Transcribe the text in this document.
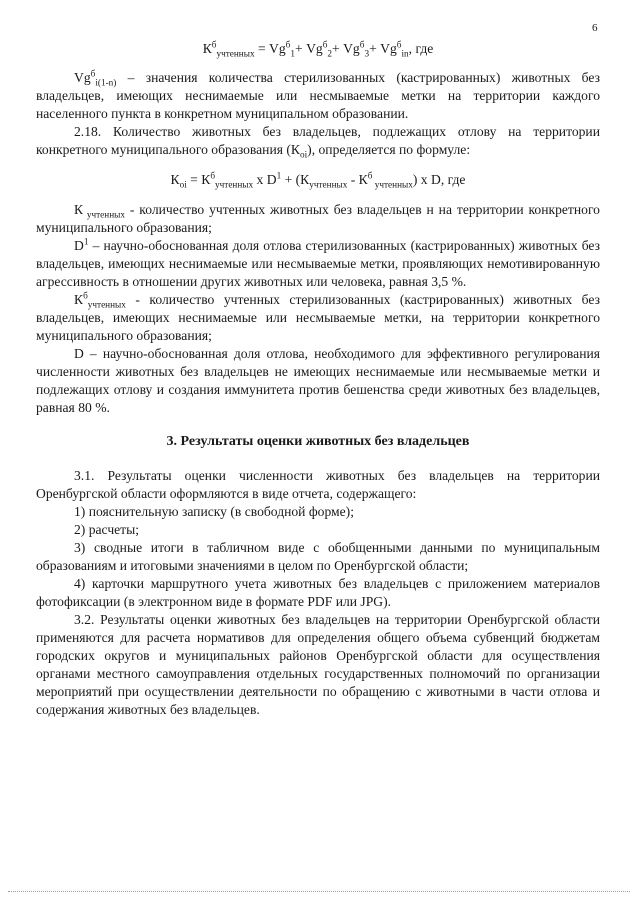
6

$К^б_{учтенных} = Vg^б_1+ Vg^б_2+ Vg^б_3+ Vg^б_{in}$, где

$Vg^б_{i(1-n)}$ – значения количества стерилизованных (кастрированных) животных без владельцев, имеющих неснимаемые или несмываемые метки на территории каждого населенного пункта в конкретном муниципальном образовании.

2.18. Количество животных без владельцев, подлежащих отлову на территории конкретного муниципального образования $(К_{oi})$, определяется по формуле:

$К_{oi} = К^б_{учтенных}$ x $D^1 + (К_{учтенных} - К^б$ $_{учтенных}$) x D, где

К $_{учтенных}$ - количество учтенных животных без владельцев н на территории конкретного муниципального образования;

$D^1$ – научно-обоснованная доля отлова стерилизованных (кастрированных) животных без владельцев, имеющих неснимаемые или несмываемые метки, проявляющих немотивированную агрессивность в отношении других животных или человека, равная 3,5 %.

$К^б_{учтенных}$ - количество учтенных стерилизованных (кастрированных) животных без владельцев, имеющих неснимаемые или несмываемые метки, на территории конкретного муниципального образования;

D – научно-обоснованная доля отлова, необходимого для эффективного регулирования численности животных без владельцев не имеющих неснимаемые или несмываемые метки и подлежащих отлову и создания иммунитета против бешенства среди животных без владельцев, равная 80 %.

3. Результаты оценки животных без владельцев

3.1. Результаты оценки численности животных без владельцев на территории Оренбургской области оформляются в виде отчета, содержащего:

1) пояснительную записку (в свободной форме);

2) расчеты;

3) сводные итоги в табличном виде с обобщенными данными по муниципальным образованиям и итоговыми значениями в целом по Оренбургской области;

4) карточки маршрутного учета животных без владельцев с приложением материалов фотофиксации (в электронном виде в формате PDF или JPG).

3.2. Результаты оценки животных без владельцев на территории Оренбургской области применяются для расчета нормативов для определения общего объема субвенций бюджетам городских округов и муниципальных районов Оренбургской области для осуществления органами местного самоуправления отдельных государственных полномочий по организации мероприятий при осуществлении деятельности по обращению с животными в части отлова и содержания животных без владельцев.
